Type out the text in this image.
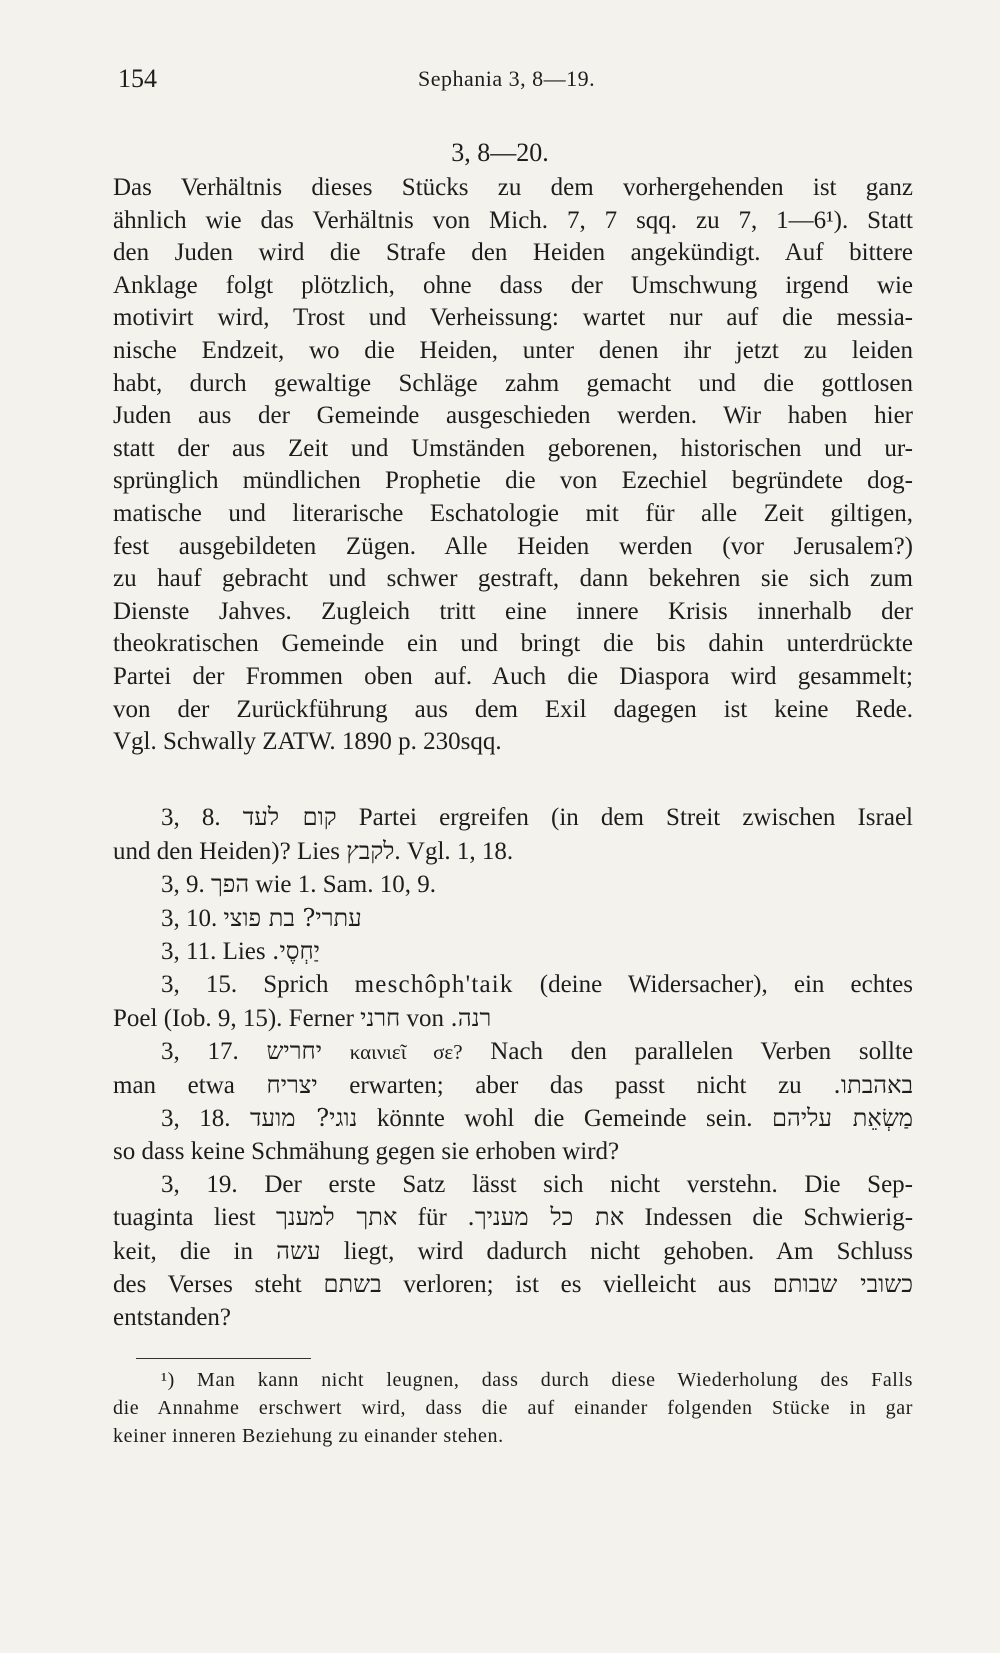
154	Sephania 3, 8—19.
3, 8—20.
Das Verhältnis dieses Stücks zu dem vorhergehenden ist ganz
ähnlich wie das Verhältnis von Mich. 7, 7 sqq. zu 7, 1—6¹). Statt
den Juden wird die Strafe den Heiden angekündigt. Auf bittere
Anklage folgt plötzlich, ohne dass der Umschwung irgend wie
motivirt wird, Trost und Verheissung: wartet nur auf die messia-
nische Endzeit, wo die Heiden, unter denen ihr jetzt zu leiden
habt, durch gewaltige Schläge zahm gemacht und die gottlosen
Juden aus der Gemeinde ausgeschieden werden. Wir haben hier
statt der aus Zeit und Umständen geborenen, historischen und ur-
sprünglich mündlichen Prophetie die von Ezechiel begründete dog-
matische und literarische Eschatologie mit für alle Zeit giltigen,
fest ausgebildeten Zügen. Alle Heiden werden (vor Jerusalem?)
zu hauf gebracht und schwer gestraft, dann bekehren sie sich zum
Dienste Jahves. Zugleich tritt eine innere Krisis innerhalb der
theokratischen Gemeinde ein und bringt die bis dahin unterdrückte
Partei der Frommen oben auf. Auch die Diaspora wird gesammelt;
von der Zurückführung aus dem Exil dagegen ist keine Rede.
Vgl. Schwally ZATW. 1890 p. 230sqq.
3, 8. קום לעד Partei ergreifen (in dem Streit zwischen Israel
und den Heiden)? Lies לקבץ. Vgl. 1, 18.
3, 9. הפך wie 1. Sam. 10, 9.
3, 10. עתרי? בת פוצי
3, 11. Lies יַחְסֶי.
3, 15. Sprich meschôph'taik (deine Widersacher), ein echtes
Poel (Iob. 9, 15). Ferner חרני von רנה.
3, 17. יחריש καινιεῖ σε? Nach den parallelen Verben sollte
man etwa יצריח erwarten; aber das passt nicht zu באהבתו.
3, 18. נוגי? מועד könnte wohl die Gemeinde sein. מַשְׂאֵת עליהם
so dass keine Schmähung gegen sie erhoben wird?
3, 19. Der erste Satz lässt sich nicht verstehn. Die Sep-
tuaginta liest אתך למענך für את כל מעניך. Indessen die Schwierig-
keit, die in עשה liegt, wird dadurch nicht gehoben. Am Schluss
des Verses steht בשתם verloren; ist es vielleicht aus כשובי שבותם
entstanden?
¹) Man kann nicht leugnen, dass durch diese Wiederholung des Falls
die Annahme erschwert wird, dass die auf einander folgenden Stücke in gar
keiner inneren Beziehung zu einander stehen.
